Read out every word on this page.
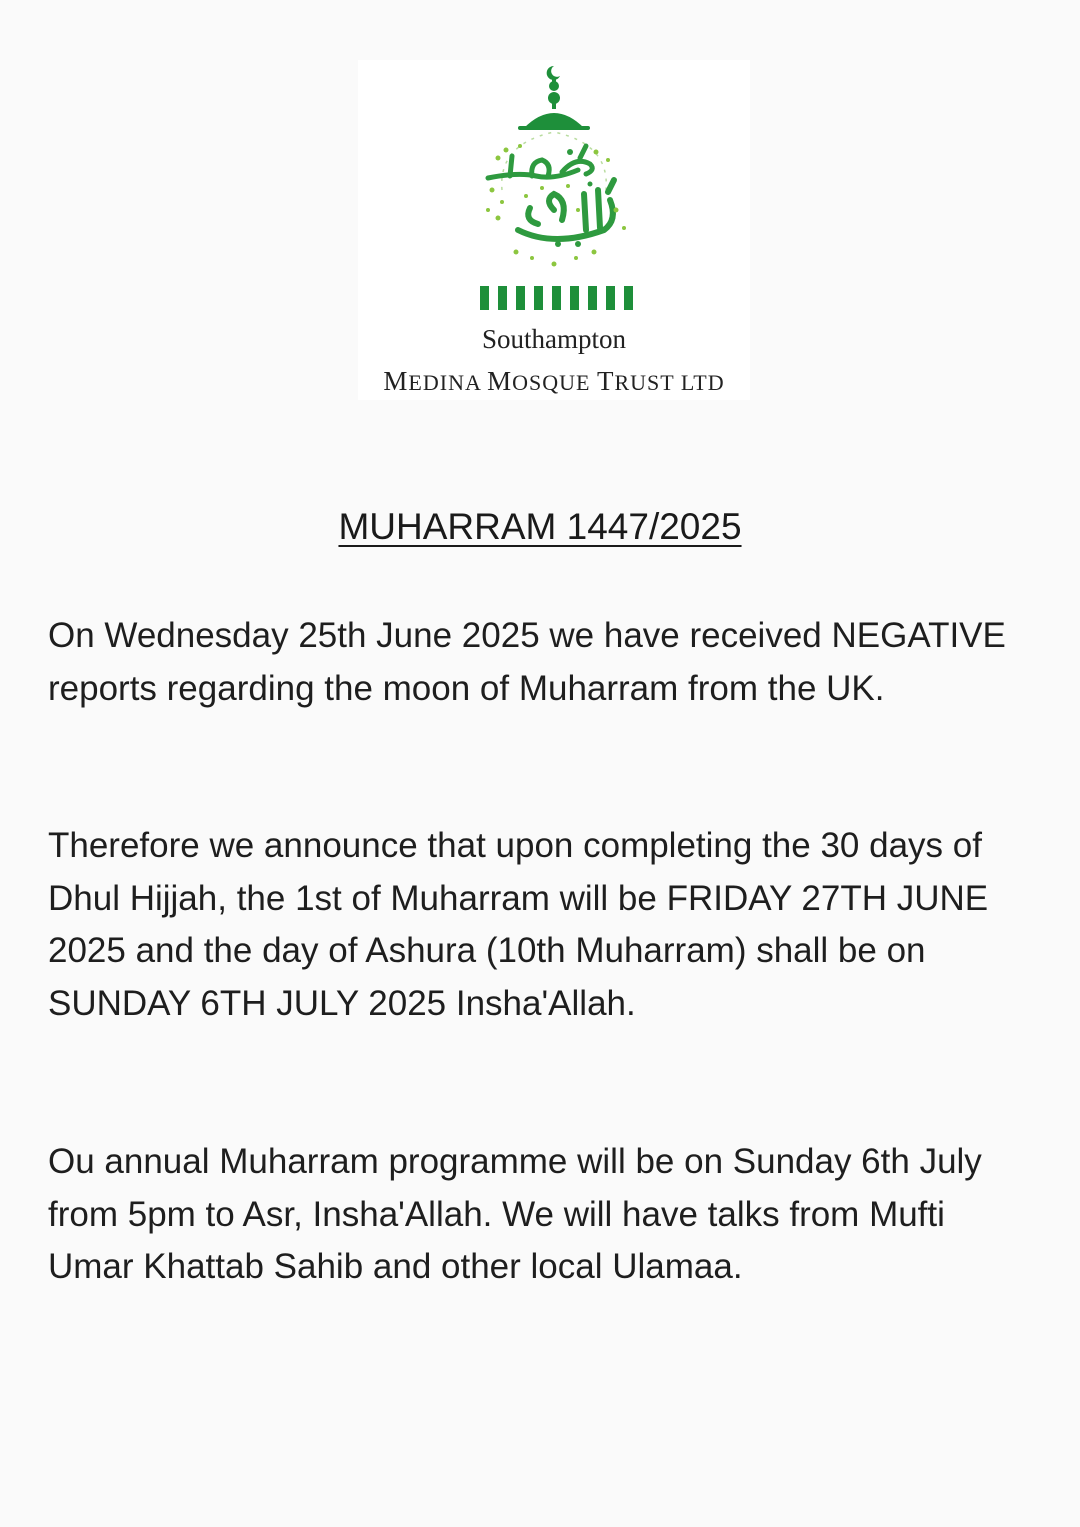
Southampton
MEDINA MOSQUE TRUST LTD
MUHARRAM 1447/2025

On Wednesday 25th June 2025 we have received NEGATIVE reports regarding the moon of Muharram from the UK.

Therefore we announce that upon completing the 30 days of Dhul Hijjah, the 1st of Muharram will be FRIDAY 27TH JUNE 2025 and the day of Ashura (10th Muharram) shall be on SUNDAY 6TH JULY 2025 Insha'Allah.

Ou annual Muharram programme will be on Sunday 6th July from 5pm to Asr, Insha'Allah. We will have talks from Mufti Umar Khattab Sahib and other local Ulamaa.
